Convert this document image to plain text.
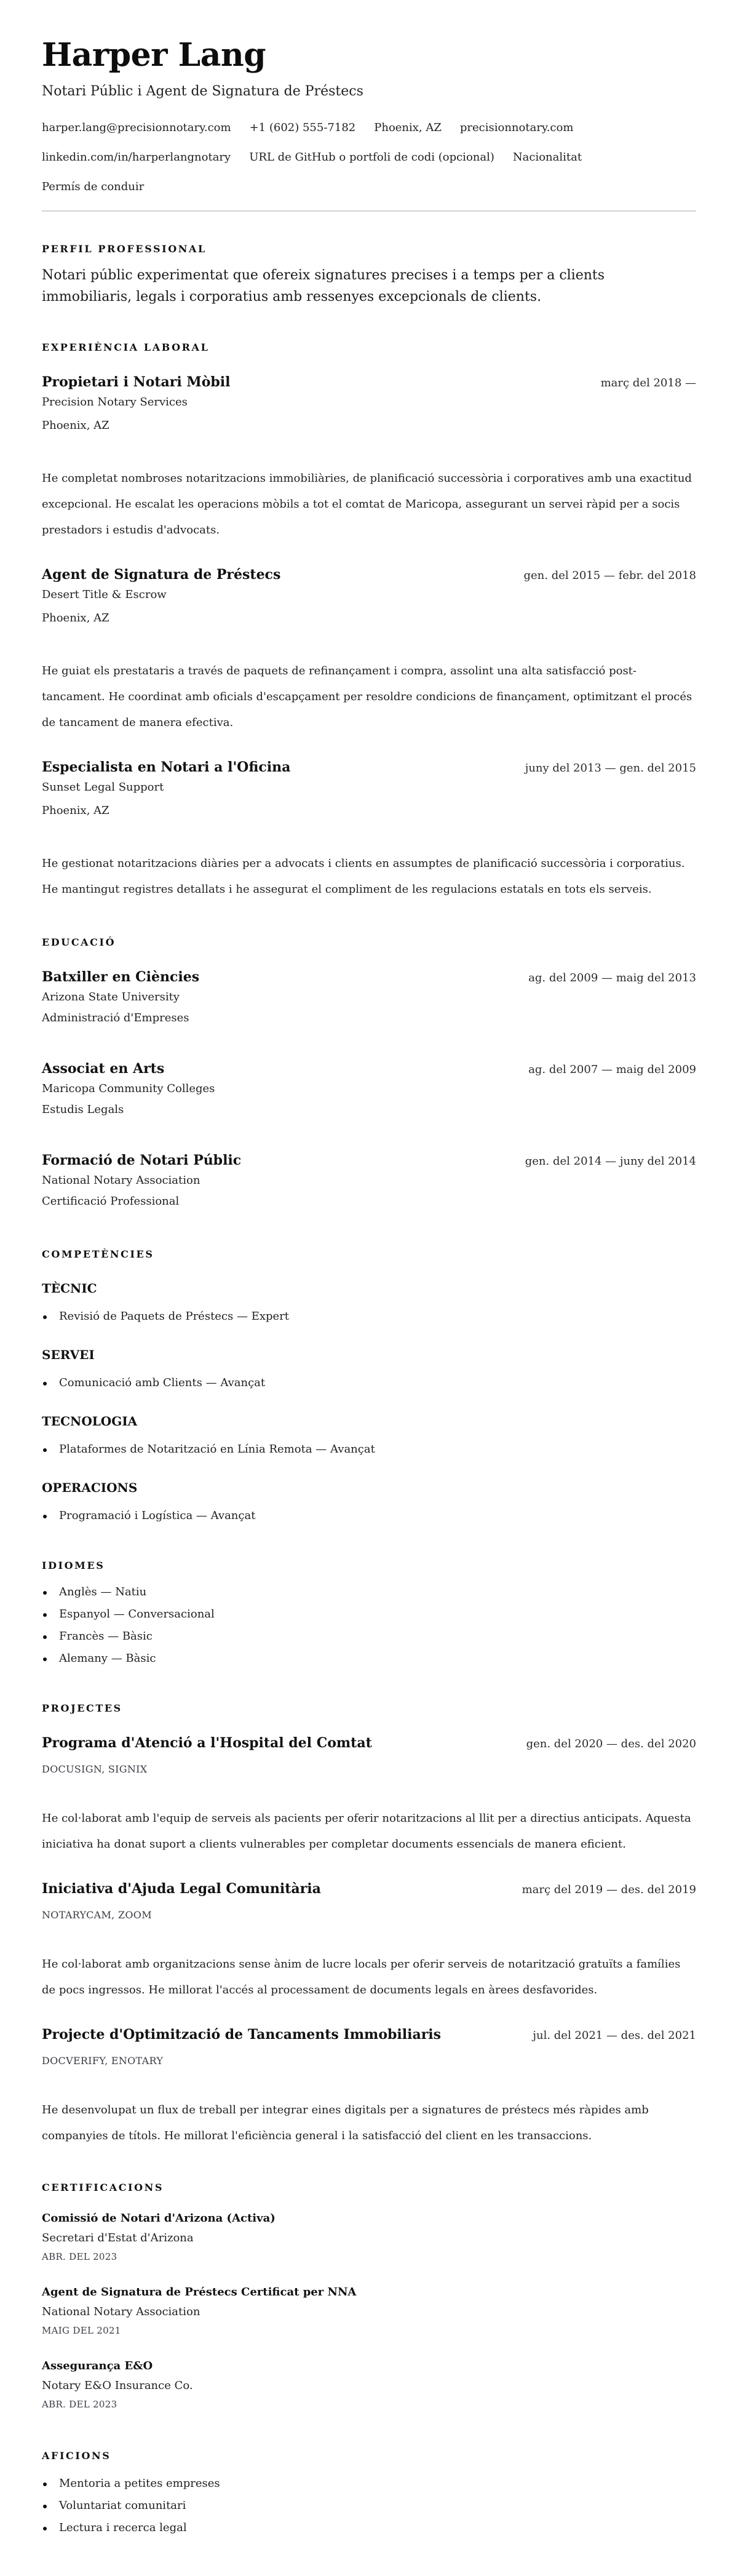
Harper Lang
Notari Públic i Agent de Signatura de Préstecs
harper.lang@precisionnotary.com +1 (602) 555-7182 Phoenix, AZ precisionnotary.com
linkedin.com/in/harperlangnotary URL de GitHub o portfoli de codi (opcional) Nacionalitat
Permís de conduir
PERFIL PROFESSIONAL

Notari públic experimentat que ofereix signatures precises i a temps per a clients immobiliaris, legals i corporatius amb ressenyes excepcionals de clients.

EXPERIÈNCIA LABORAL
Propietari i Notari Mòbil	març del 2018 —
Precision Notary Services
Phoenix, AZ

He completat nombroses notaritzacions immobiliàries, de planificació successòria i corporatives amb una exactitud excepcional. He escalat les operacions mòbils a tot el comtat de Maricopa, assegurant un servei ràpid per a socis prestadors i estudis d'advocats.

Agent de Signatura de Préstecs	gen. del 2015 — febr. del 2018
Desert Title & Escrow
Phoenix, AZ

He guiat els prestataris a través de paquets de refinançament i compra, assolint una alta satisfacció post-tancament. He coordinat amb oficials d'escapçament per resoldre condicions de finançament, optimitzant el procés de tancament de manera efectiva.

Especialista en Notari a l'Oficina	juny del 2013 — gen. del 2015
Sunset Legal Support
Phoenix, AZ

He gestionat notaritzacions diàries per a advocats i clients en assumptes de planificació successòria i corporatius. He mantingut registres detallats i he assegurat el compliment de les regulacions estatals en tots els serveis.

EDUCACIÓ
Batxiller en Ciències	ag. del 2009 — maig del 2013
Arizona State University
Administració d'Empreses
Associat en Arts	ag. del 2007 — maig del 2009
Maricopa Community Colleges
Estudis Legals
Formació de Notari Públic	gen. del 2014 — juny del 2014
National Notary Association
Certificació Professional
COMPETÈNCIES
TÈCNIC
Revisió de Paquets de Préstecs — Expert
SERVEI
Comunicació amb Clients — Avançat
TECNOLOGIA
Plataformes de Notarització en Línia Remota — Avançat
OPERACIONS
Programació i Logística — Avançat
IDIOMES
Anglès — Natiu
Espanyol — Conversacional
Francès — Bàsic
Alemany — Bàsic
PROJECTES
Programa d'Atenció a l'Hospital del Comtat	gen. del 2020 — des. del 2020
DOCUSIGN, SIGNIX

He col·laborat amb l'equip de serveis als pacients per oferir notaritzacions al llit per a directius anticipats. Aquesta iniciativa ha donat suport a clients vulnerables per completar documents essencials de manera eficient.

Iniciativa d'Ajuda Legal Comunitària	març del 2019 — des. del 2019
NOTARYCAM, ZOOM

He col·laborat amb organitzacions sense ànim de lucre locals per oferir serveis de notarització gratuïts a famílies de pocs ingressos. He millorat l'accés al processament de documents legals en àrees desfavorides.

Projecte d'Optimització de Tancaments Immobiliaris	jul. del 2021 — des. del 2021
DOCVERIFY, ENOTARY

He desenvolupat un flux de treball per integrar eines digitals per a signatures de préstecs més ràpides amb companyies de títols. He millorat l'eficiència general i la satisfacció del client en les transaccions.

CERTIFICACIONS
Comissió de Notari d'Arizona (Activa)
Secretari d'Estat d'Arizona
ABR. DEL 2023
Agent de Signatura de Préstecs Certificat per NNA
National Notary Association
MAIG DEL 2021
Assegurança E&O
Notary E&O Insurance Co.
ABR. DEL 2023
AFICIONS
Mentoria a petites empreses
Voluntariat comunitari
Lectura i recerca legal
